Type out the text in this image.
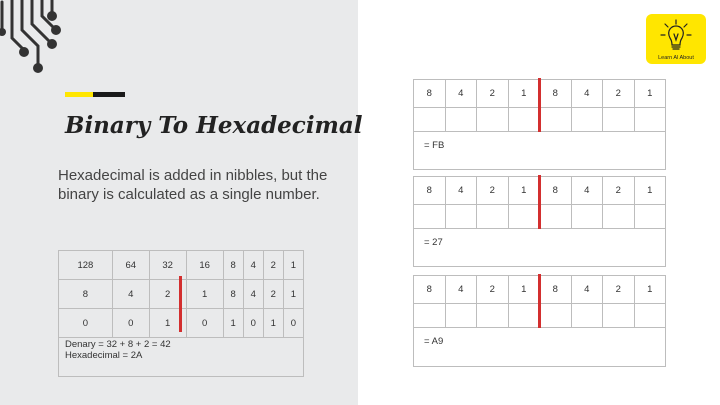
Binary To Hexadecimal
Hexadecimal is added in nibbles, but the binary is calculated as a single number.
128	64	32	16	8	4	2	1
8	4	2	1	8	4	2	1
0	0	1	0	1	0	1	0
Denary = 32 + 8 + 2 = 42
Hexadecimal = 2A
8	4	2	1	8	4	2	1

= FB
8	4	2	1	8	4	2	1

= 27
8	4	2	1	8	4	2	1

= A9
Learn Al About
